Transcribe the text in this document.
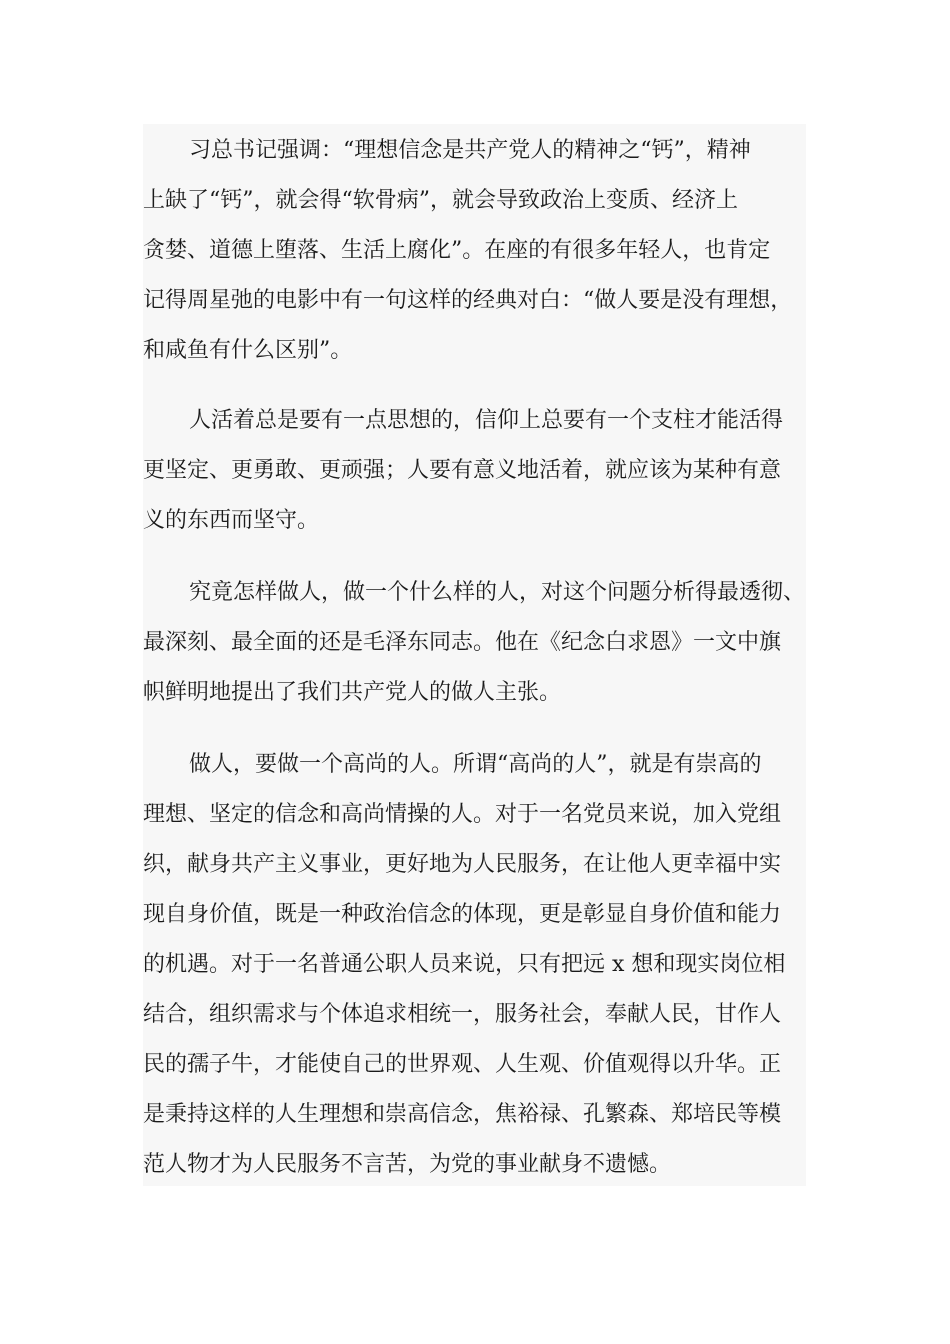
习总书记强调：“理想信念是共产党人的精神之“钙”，精神
上缺了“钙”，就会得“软骨病”，就会导致政治上变质、经济上
贪婪、道德上堕落、生活上腐化”。在座的有很多年轻人，也肯定
记得周星弛的电影中有一句这样的经典对白：“做人要是没有理想，
和咸鱼有什么区别”。
人活着总是要有一点思想的，信仰上总要有一个支柱才能活得
更坚定、更勇敢、更顽强；人要有意义地活着，就应该为某种有意
义的东西而坚守。
究竟怎样做人，做一个什么样的人，对这个问题分析得最透彻、
最深刻、最全面的还是毛泽东同志。他在《纪念白求恩》一文中旗
帜鲜明地提出了我们共产党人的做人主张。
做人，要做一个高尚的人。所谓“高尚的人”，就是有崇高的
理想、坚定的信念和高尚情操的人。对于一名党员来说，加入党组
织，献身共产主义事业，更好地为人民服务，在让他人更幸福中实
现自身价值，既是一种政治信念的体现，更是彰显自身价值和能力
的机遇。对于一名普通公职人员来说，只有把远 x 想和现实岗位相
结合，组织需求与个体追求相统一，服务社会，奉献人民，甘作人
民的孺子牛，才能使自己的世界观、人生观、价值观得以升华。正
是秉持这样的人生理想和崇高信念，焦裕禄、孔繁森、郑培民等模
范人物才为人民服务不言苦，为党的事业献身不遗憾。
